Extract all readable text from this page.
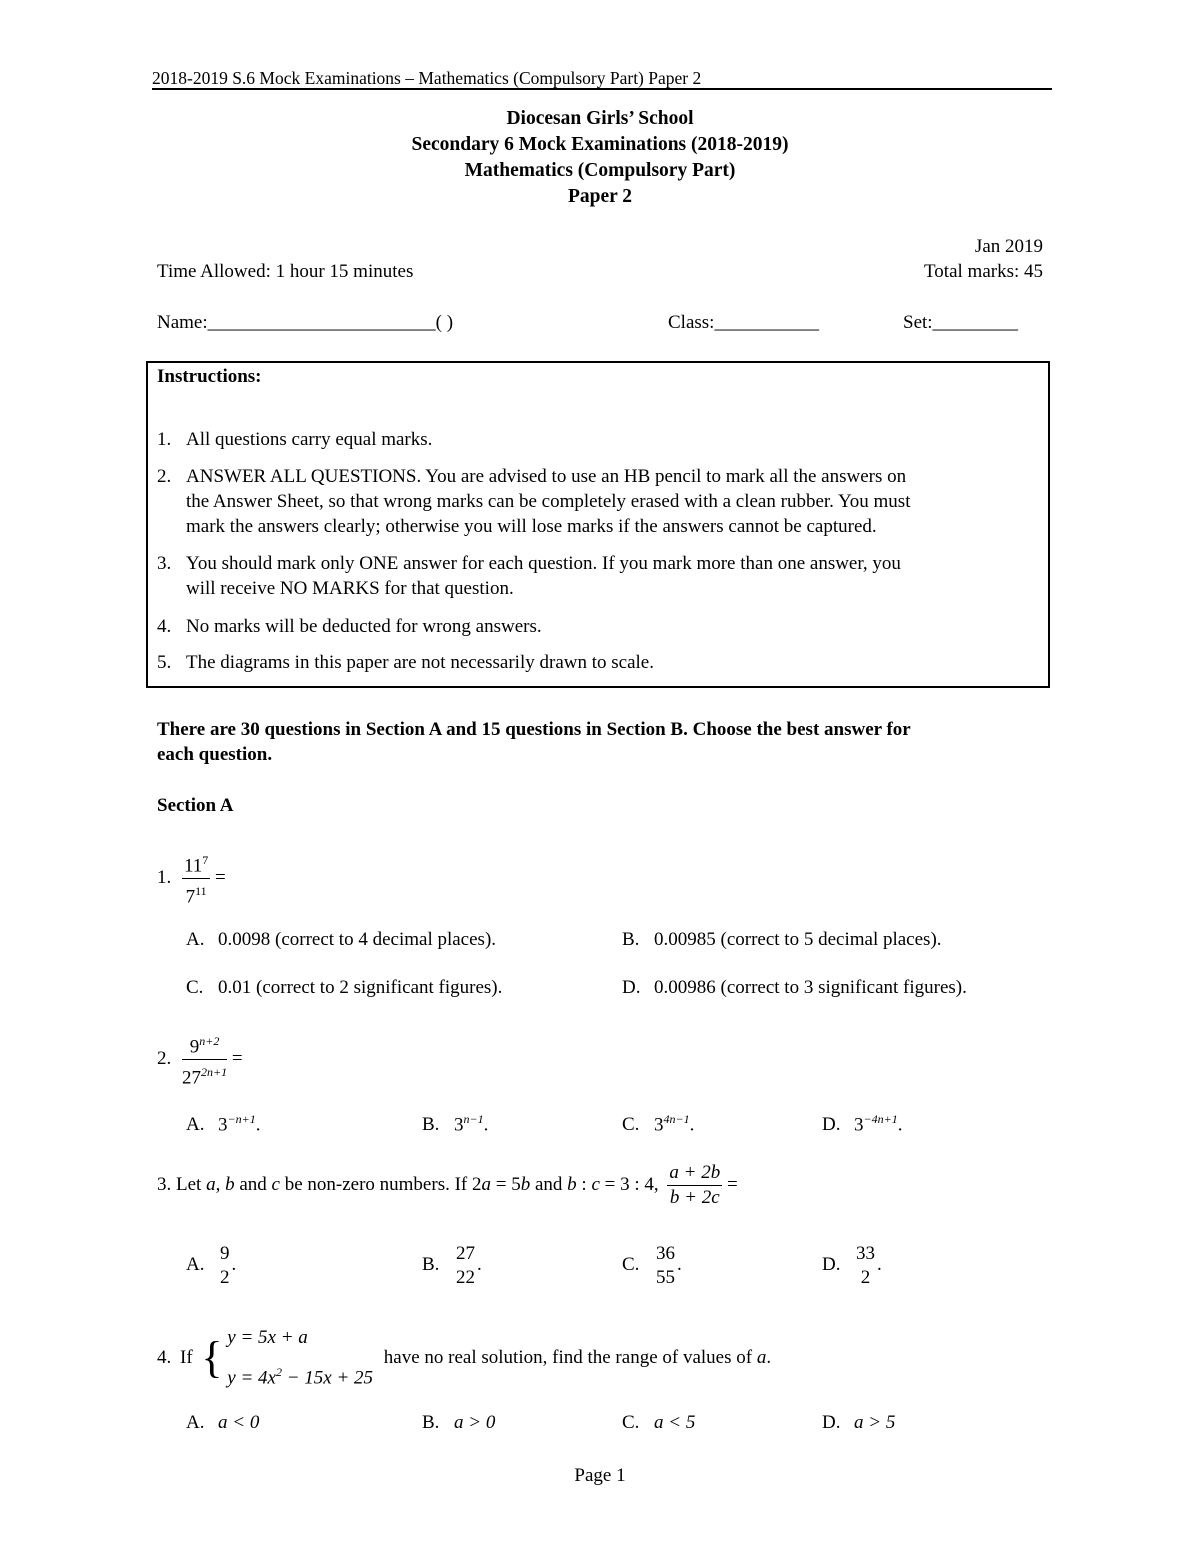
2018-2019 S.6 Mock Examinations – Mathematics (Compulsory Part) Paper 2
Diocesan Girls’ School
Secondary 6 Mock Examinations (2018-2019)
Mathematics (Compulsory Part)
Paper 2
Jan 2019
Time Allowed: 1 hour 15 minutes	Total marks: 45
Name:________________________( )	Class:___________	Set:_________
Instructions:
1. All questions carry equal marks.
2. ANSWER ALL QUESTIONS. You are advised to use an HB pencil to mark all the answers on
the Answer Sheet, so that wrong marks can be completely erased with a clean rubber. You must
mark the answers clearly; otherwise you will lose marks if the answers cannot be captured.
3. You should mark only ONE answer for each question. If you mark more than one answer, you
will receive NO MARKS for that question.
4. No marks will be deducted for wrong answers.
5. The diagrams in this paper are not necessarily drawn to scale.
There are 30 questions in Section A and 15 questions in Section B. Choose the best answer for
each question.
Section A
1. $\frac{11^7}{7^{11}}$ =
A. 0.0098 (correct to 4 decimal places).	B. 0.00985 (correct to 5 decimal places).
C. 0.01 (correct to 2 significant figures).	D. 0.00986 (correct to 3 significant figures).
2. $\frac{9^{n+2}}{27^{2n+1}}$ =
A. $3^{-n+1}$.	B. $3^{n-1}$.	C. $3^{4n-1}$.	D. $3^{-4n+1}$.
3. Let a, b and c be non-zero numbers. If 2a = 5b and b : c = 3 : 4, $\frac{a + 2b}{b + 2c}$ =
A.
9
2
.	B.
27
22
.	C.
36
55
.	D.
33
2
.
4. If { y = 5x + a
$y = 4x^2 - 15x + 25$ have no real solution, find the range of values of a.
A. a < 0	B. a > 0	C. a < 5	D. a > 5
Page 1
